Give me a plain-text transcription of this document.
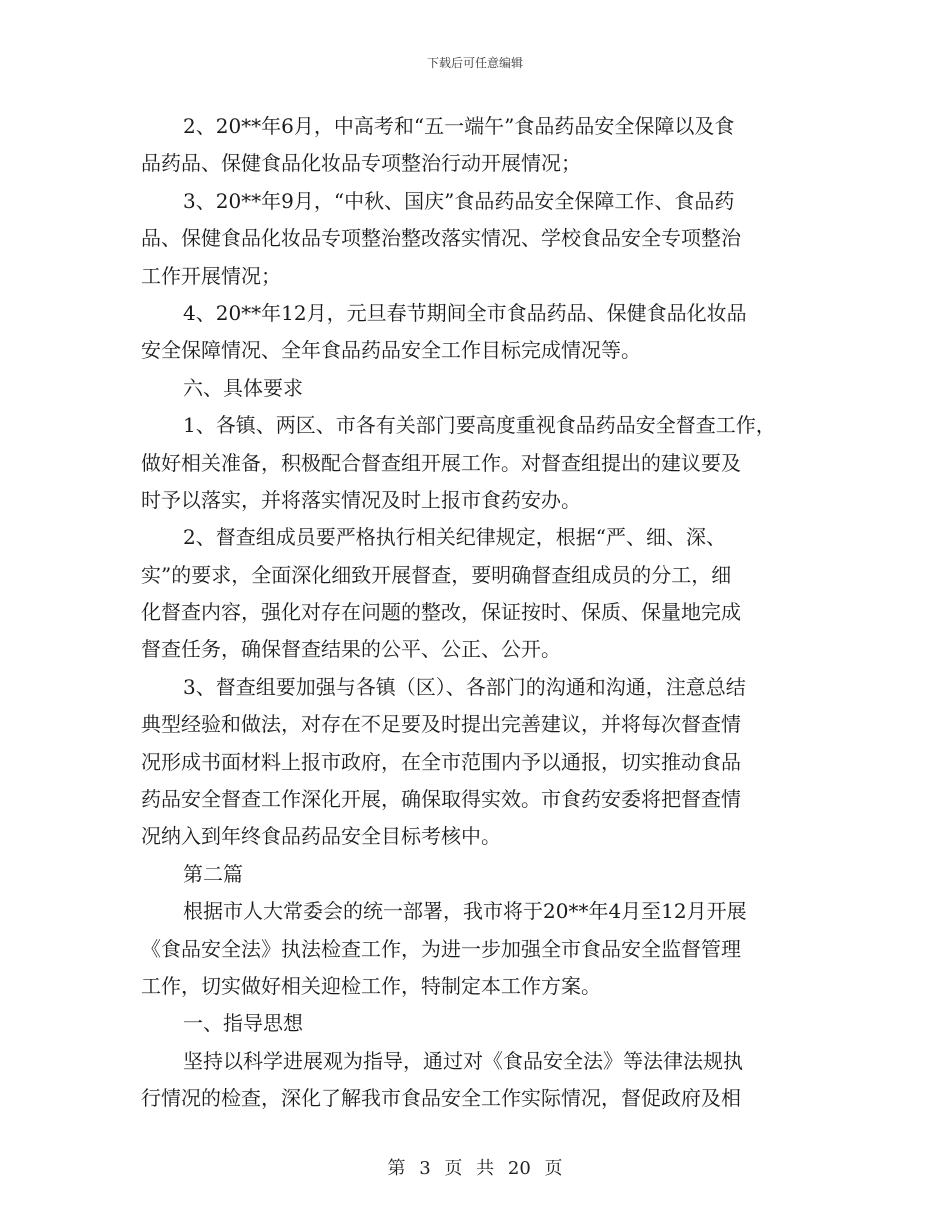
下载后可任意编辑
2、20**年6月，中高考和“五一端午”食品药品安全保障以及食
品药品、保健食品化妆品专项整治行动开展情况；
3、20**年9月，“中秋、国庆”食品药品安全保障工作、食品药
品、保健食品化妆品专项整治整改落实情况、学校食品安全专项整治
工作开展情况；
4、20**年12月，元旦春节期间全市食品药品、保健食品化妆品
安全保障情况、全年食品药品安全工作目标完成情况等。
六、具体要求
1、各镇、两区、市各有关部门要高度重视食品药品安全督查工作，
做好相关准备，积极配合督查组开展工作。对督查组提出的建议要及
时予以落实，并将落实情况及时上报市食药安办。
2、督查组成员要严格执行相关纪律规定，根据“严、细、深、
实”的要求，全面深化细致开展督查，要明确督查组成员的分工，细
化督查内容，强化对存在问题的整改，保证按时、保质、保量地完成
督查任务，确保督查结果的公平、公正、公开。
3、督查组要加强与各镇（区）、各部门的沟通和沟通，注意总结
典型经验和做法，对存在不足要及时提出完善建议，并将每次督查情
况形成书面材料上报市政府，在全市范围内予以通报，切实推动食品
药品安全督查工作深化开展，确保取得实效。市食药安委将把督查情
况纳入到年终食品药品安全目标考核中。
第二篇
根据市人大常委会的统一部署，我市将于20**年4月至12月开展
《食品安全法》执法检查工作，为进一步加强全市食品安全监督管理
工作，切实做好相关迎检工作，特制定本工作方案。
一、指导思想
坚持以科学进展观为指导，通过对《食品安全法》等法律法规执
行情况的检查，深化了解我市食品安全工作实际情况，督促政府及相
第 3 页 共 20 页
